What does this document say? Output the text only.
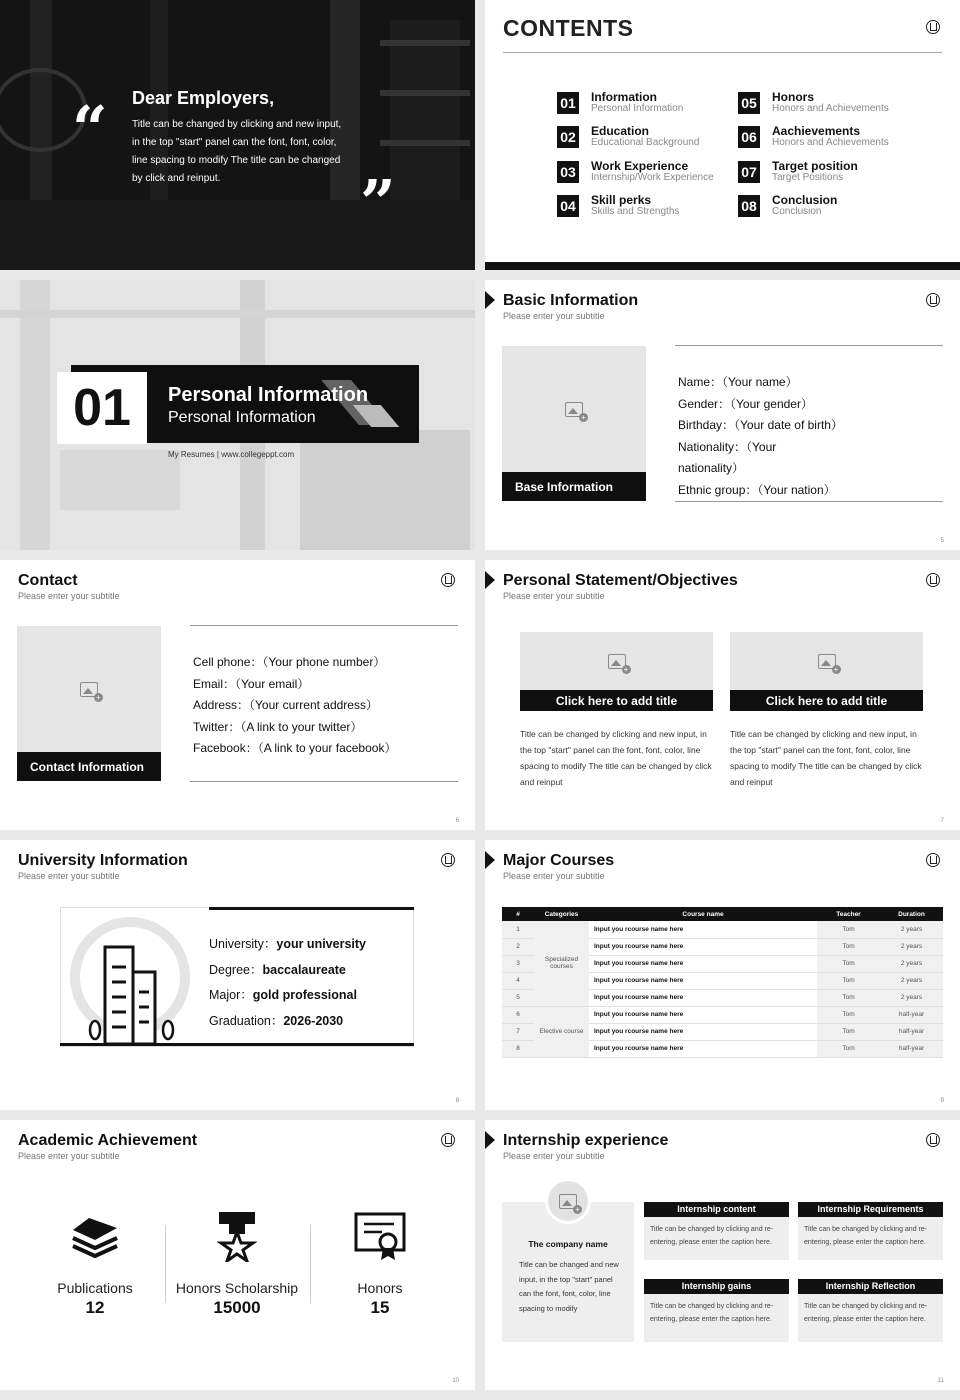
“
”
Dear Employers,
Title can be changed by clicking and new input, in the top "start" panel can the font, font, color, line spacing to modify The title can be changed by click and reinput.
CONTENTS
01 Information
Personal Information
02 Education
Educational Background
03 Work Experience
Internship/Work Experience
04 Skill perks
Skills and Strengths
05 Honors
Honors and Achievements
06 Aachievements
Honors and Achievements
07 Target position
Target Positions
08 Conclusion
Conclusion
01	Personal Information
Personal Information
My Resumes | www.collegeppt.com
Basic Information
Please enter your subtitle
+
Base Information
Name：（Your name）
Gender：（Your gender）
Birthday：（Your date of birth）
Nationality：（Your
nationality）
Ethnic group：（Your nation）
5
Contact
Please enter your subtitle
+
Contact Information
Cell phone：（Your phone number）
Email：（Your email）
Address：（Your current address）
Twitter：（A link to your twitter）
Facebook：（A link to your facebook）
6
Personal Statement/Objectives
Please enter your subtitle
+
Click here to add title
Title can be changed by clicking and new input, in the top "start" panel can the font, font, color, line spacing to modify The title can be changed by click and reinput
+
Click here to add title
Title can be changed by clicking and new input, in the top "start" panel can the font, font, color, line spacing to modify The title can be changed by click and reinput
7
University Information
Please enter your subtitle
University：your university
Degree：baccalaureate
Major：gold professional
Graduation：2026-2030
8
Major Courses
Please enter your subtitle
#	Categories	Course name	Teacher	Duration
1	Specialized courses	Input you rcourse name here	Tom	2 years
2		Input you rcourse name here	Tom	2 years
3		Input you rcourse name here	Tom	2 years
4		Input you rcourse name here	Tom	2 years
5		Input you rcourse name here	Tom	2 years
6	Elective course	Input you rcourse name here	Tom	half-year
7		Input you rcourse name here	Tom	half-year
8		Input you rcourse name here	Tom	half-year
9
Academic Achievement
Please enter your subtitle
Publications
12
Honors Scholarship
15000
Honors
15
10
Internship experience
Please enter your subtitle
+
The company name
Title can be changed and new input, in the top "start" panel can the font, font, color, line spacing to modify
Internship content
Title can be changed by clicking and re-entering, please enter the caption here.
Internship Requirements
Title can be changed by clicking and re-entering, please enter the caption here.
Internship gains
Title can be changed by clicking and re-entering, please enter the caption here.
Internship Reflection
Title can be changed by clicking and re-entering, please enter the caption here.
11
